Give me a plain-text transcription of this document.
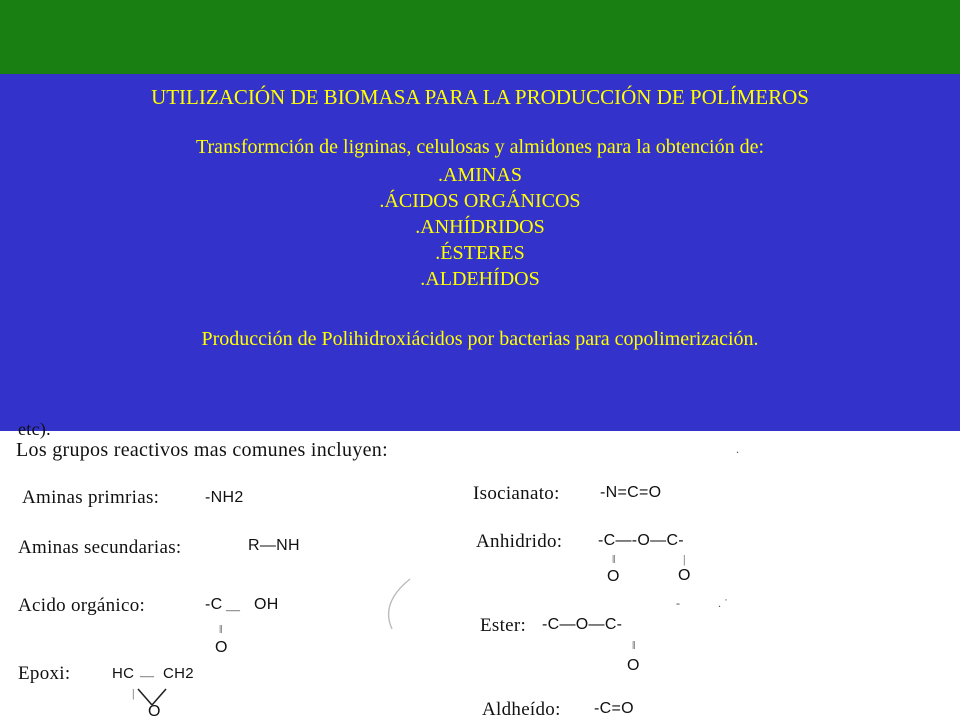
UTILIZACIÓN DE BIOMASA PARA LA PRODUCCIÓN DE POLÍMEROS
Transformción de ligninas, celulosas y almidones para la obtención de:
.AMINAS
.ÁCIDOS ORGÁNICOS
.ANHÍDRIDOS
.ÉSTERES
.ALDEHÍDOS
Producción de Polihidroxiácidos por bacterias para copolimerización.
etc).
Los grupos reactivos mas comunes incluyen:	.
Aminas primrias:	-NH2
Aminas secundarias:	R—NH
Acido orgánico:	-C — OH
ǁ
O
Epoxi:	HC — CH2
|
O
Isocianato:	-N=C=O
Anhidrido: -C—-O—C-
ǁ
O
|
O
Ester: -C—O—C-
ǁ
O
-	. ˙
Aldheído: -C=O
